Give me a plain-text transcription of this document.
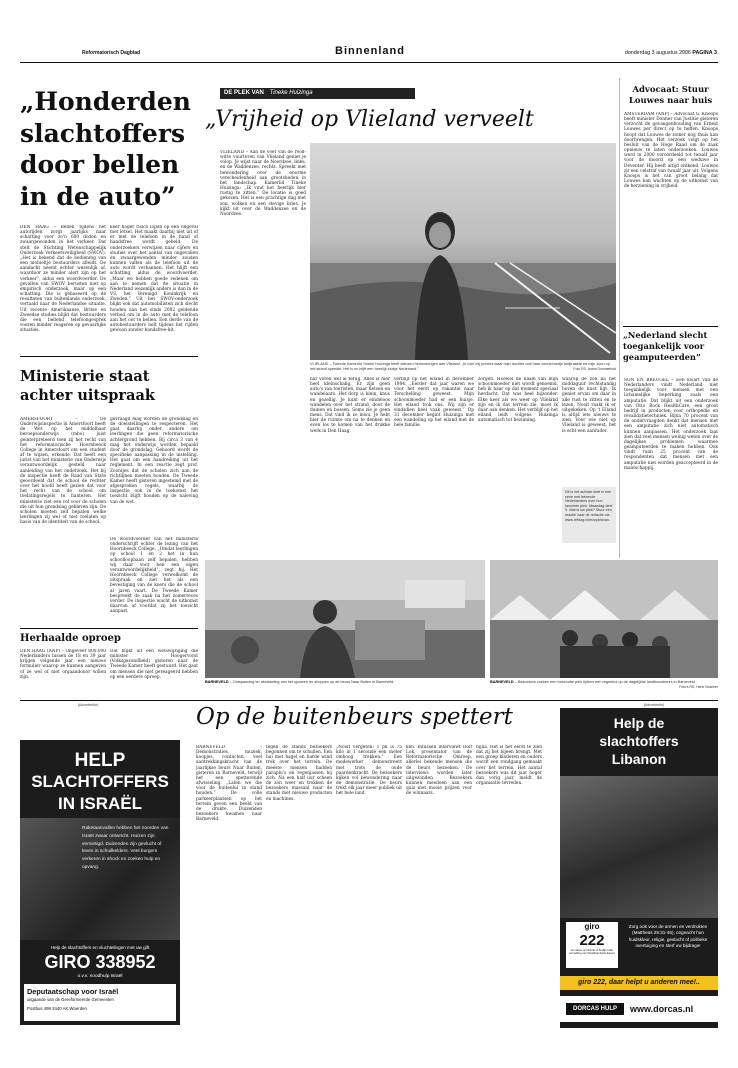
Reformatorisch Dagblad	Binnenland	donderdag 3 augustus 2006 PAGINA 3
„Honderden slachtoffers door bellen in de auto”
DEN HAAG – Bellen tijdens het autorijden zorgt jaarlijks naar schatting voor zo'n 600 doden en zwaargewonden in het verkeer. Dat stelt de Stichting Wetenschappelijk Onderzoek Verkeersveiligheid (SWOV). „Het is bekend dat de bediening van een mobieltje bestuurders afleidt. De aandacht neemt echter wezenlijk af, waardoor ze minder alert zijn op het verkeer”, aldus een woordvoerder. De gevallen van SWOV berusten niet op empirisch onderzoek, maar op een schatting. Die is gebaseerd op de resultaten van buitenlands onderzoek, vertaald naar de Nederlandse situatie. Uit recente Amerikaanse, Britse en Zweedse studies blijkt dat bestuurders die een bellend telefoongesprek voeren minder reageren op gevaarlijke situaties.
keer hoger risico lopen op een ongeval met letsel. Het maakt daarbij niet uit of er met de telefoon in de hand of handsfree wordt gebeld. De onderzoekers verwijzen naar cijfers en studies over het aantal van ongevallen en zwaargewonden minder zouden kunnen vallen als de telefoon uit de auto wordt verbannen. Het blijft een schatting, aldus de woordvoerder. „Maar we hebben goede redenen om aan te nemen dat de situatie in Nederland wezenlijk anders is dan in de VS, het Verenigd Koninkrijk en Zweden.” Uit het SWOV-onderzoek blijkt ook dat automobilisten zich slecht houden aan het sinds 2002 geldende verbod om in de auto met de telefoon aan het oor te bellen. Een derde van de autobestuurders belt tijdens het rijden gewoon zonder handsfree-kit.
Ministerie staat achter uitspraak
AMERSFOORT – De Onderwijsinspectie in Amersfoort heeft de Wet op het middelbaar beroepsonderwijs (mbo) juist geïnterpreteerd toen zij het recht van het reformatorische Hoornbeeck College in Amersfoort om een student af te wijzen, erkende. Dat heeft een jurist van het ministerie van Onderwijs verantwoordelijk gesteld naar aanleiding van het onderzoek. Het bij de inspectie heeft de Raad van State geoordeeld dat de school de rechter over het hoofd heeft gezien dat voor het recht van de school om toelatingsregels te hanteren. Het ministerie ziet een rol voor de scholen die uit hun grondslag gebleven zijn. De scholen moeten zelf bepalen welke leerlingen zij wel of niet toelaten op basis van de identiteit van de school.
gevraagd mag worden de grondslag en de doelstellingen te respecteren. Het gaat daarbij onder andere om leerlingen die geen reformatorische achtergrond hebben. Bij circa 3 van 4 mag het onderwijs worden bepaald door de grondslag. Gehoord wordt de specifieke aanpassing in de instelling. Het gaat om een handreiking uit het reglement. In een reactie zegt prof. Zoontjes dat de scholen zich aan de richtlijnen moeten houden. De Tweede Kamer heeft gisteren ingestemd met de afgesproken regels, waarbij de inspectie ook in de toekomst het toezicht blijft houden op de naleving van de wet.
De woordvoerder van het ministerie onderschrijft echter de lezing van het Hoornbeeck College. „Omdat leerlingen op school 1 en 2 het in hun schoolloopbaan zelf bepalen, hebben wij daar voor hen een eigen verantwoordelijkheid”, zegt hij. Het Hoornbeeck College verwelkomt de uitspraak en ziet het als een bevestiging van de koers die de school al jaren vaart. De Tweede Kamer bespreekt de zaak na het zomerreces verder. De inspectie wacht de uitkomst daarvan af voordat zij het toezicht aanpast.
Herhaalde oproep
DEN HAAG (ANP) – Ongeveer 800.000 Nederlanders tussen de 18 en 39 jaar krijgen volgende jaar een nieuwe formulier waarop ze kunnen aangeven of ze wel of niet orgaandonor willen zijn.
Dat blijkt uit een wetswijziging die minister Hoogervorst (Volksgezondheid) gisteren naar de Tweede Kamer heeft gestuurd. Het gaat om mensen die niet gereageerd hebben op een eerdere oproep.
DE PLEK VAN Tineke Huizinga
„Vrijheid op Vlieland verveelt
VLIELAND – Aan de voet van de rood-witte vuurtoren van Vlieland geniet je volop. Je wijst naar de Noordzee, links, en de Waddenzee, rechts. Spreekt met bewondering over de enorme verscheidenheid aan grootsheden in het landschap. Kamerlid Tineke Huizinga: „Ik vind het heerlijk hier rustig te zitten.” De locatie is goed gekozen. Het is een prachtige dag met zon, wolken en een stevige bries. Je kijkt uit over de Waddenzee en de Noordzee.
VLIELAND – Tweede Kamerlid Tineke Huizinga heeft tallozen herinneringen aan Vlieland. „Ik voel mij precies waar mijn dochter ooit haar zonnehoedje kwijtraakte en mijn zoon op het strand speelde. Het is en blijft een heerlijk stukje Nederland.”	Foto RD, Anton Dommerholt
nar voren wel al terug. Alles is hier heel kleinschalig. Er zijn geen auto's van toeristen, maar fietsen en wandelaars. Het dorp is klein, knus en gezellig. Je kunt er eindeloos wandelen over het strand, door de duinen en bossen. Soms zie je geen mens. Dat vind ik zo mooi. Je hebt hier de ruimte om na te denken en even los te komen van het drukke werk in Den Haag.
verblijf op het eiland in december 1984. „Eerder dat jaar waren we voor het eerst op vakantie naar Terschelling geweest. Mijn schoonmoeder had er een huisje. Het eiland trok ons. Wij zijn er sindsdien heel vaak geweest.” Op 31 december begint Huizinga met een wandeling op het eiland met de hele familie.
zorgen. Hoewel de naam van mijn schoonmoeder niet wordt genoemd, heb ik haar op dat moment speciaal herdacht. Dat was heel bijzonder. Elke keer als we weer op Vlieland zijn en ik dat terrein zie, moet ik daar aan denken. Het verblijf op het eiland leidt volgens Huizinga automatisch tot bezinning.
waarop de zon na het middaguur rechtstandig boven de kust ligt. Ik geniet ervan om daar in alle rust te zitten en te lezen. Nooit raakt ik er uitgekeken. Op 't Eiland is altijd iets nieuws te zien. Voor wie niet op Vlieland is geweest, het is echt een aanrader.
Dit is het achtste deel in een serie met bekende Nederlanders over hun favoriete plek. Maandag deel 9. Wat is uw plek? Stuur een reactie naar de redactie via www.refdag.nl/monplekvan.
Advocaat: Stuur Louwes naar huis
AMSTERDAM (ANP) – Advocaat G. Knoops heeft minister Donner van Justitie gisteren verzocht de gevangenhouding van Ernest Louwes per direct op te heffen. Knoops hoopt dat Louwes de zomer nog thuis kan doorbrengen. Het verzoek volgt op het besluit van de Hoge Raad om de zaak opnieuw te laten onderzoeken. Louwes werd in 2000 veroordeeld tot twaalf jaar voor de moord op een weduwe in Deventer. Hij heeft altijd ontkend. Louwes zit een celstraf van twaalf jaar uit. Volgens Knoops is het van groot belang dat Louwes kan wachten op de uitkomst van de herziening in vrijheid.
„Nederland slecht toegankelijk voor geamputeerden”
SON EN BREUGEL – Een kwart van de Nederlanders vindt Nederland niet toegankelijk voor mensen met een lichamelijke beperking zoals een amputatie. Dat blijkt uit een onderzoek van Otto Bock HealthCare, een groot bedrijf in producten voor orthopedie en revalidatietechniek. Bijna 70 procent van de ondervraagden denkt dat mensen met een amputatie zich niet automatisch kunnen aanpassen. Het onderzoek laat zien dat veel mensen weinig weten over de dagelijkse problemen waarmee geamputeerden te maken hebben. Ook vindt ruim 25 procent van de respondenten dat mensen met een amputatie niet worden geaccepteerd in de maatschappij.
BARNEVELD – Ontspanning ter afwisseling van het sjouwen en shoppen op de beurs Naar Buiten in Barneveld.	BARNEVELD – Bezoekers zoeken een beschutte plek tijdens een regenbui op de dagelijkse landbouwbeurs in Barneveld.
Foto's RD, Henk Visscher
Op de buitenbeurs spettert
BARNEVELD – Demonstraties, muziek, koopjes, contacten, veel aantrekkingskracht van de jaarlijkse beurs Naar Buiten, gisteren in Barneveld, terwijl het een spetterende afwisseling. „Laten we die voor de buitenlui in stand houden.” De volle parkeerplaatsen op het terrein geven een beeld van de drukte. Duizenden bezoekers kwamen naar Barneveld.
tegen de stands bezoekers begonnen om te schuilen. Een bui met hagel en harde wind trok over het terrein. De meeste mensen hadden paraplu's en regenjassen bij zich. Na een half uur scheen de zon weer en trokken de bezoekers massaal naar de stands met nieuwe producten en machines.
„Nooit vergeten: 1 pk is 75 kilo in 1 seconde een meter omhoog trekken.” Een medewerker demonstreert met trots de oude paardenkracht. De bezoekers kijken vol bewondering naar de demonstratie. De beurs trekt elk jaar meer publiek uit het hele land.
ken. Intussen interviewt Dolf Lok, presentator van de Reformatorische Omroep, allerlei bekende mensen die de beurs bezoeken. De interviews worden later uitgezonden. Bezoekers kunnen meedoen aan een quiz met mooie prijzen voor de winnaars.
bijna. Het is het eerst te zien dat zij het bijeen brengt. Met een groep kinderen en ouders wordt een rondgang gemaakt over het terrein. Het aantal bezoekers was dit jaar hoger dan vorig jaar, meldt de organisatie tevreden.
(Advertentie)
HELP
SLACHTOFFERS
IN ISRAËL
Raketaanvallen hebben het noorden van Israël zwaar ontwricht. Huizen zijn vernietigd. Duizenden zijn gevlucht of leven in schuilkelders. Veel burgers verkeren in shock en zoeken hulp en opvang.
Help de slachtoffers en vluchtelingen met uw gift
GIRO 338952
o.v.v. noodhulp Israël
Deputaatschap voor Israël
uitgaande van de Gereformeerde Gemeenten
Postbus 498 3440 AK Woerden
(Advertentie)
Help de
slachtoffers
Libanon
giro
222
ten name van Dorcas in Andijk onder vermelding van 'Noodhulp Zuid-Libanon'
Zorg ook voor de armen en verdrukten (Mattheüs 25:31-46), ongeacht hun huidskleur, religie, geslacht of politieke overtuiging en sterf uw bijdrage!
giro 222, daar helpt u anderen mee!..
DORCAS HULP	www.dorcas.nl
